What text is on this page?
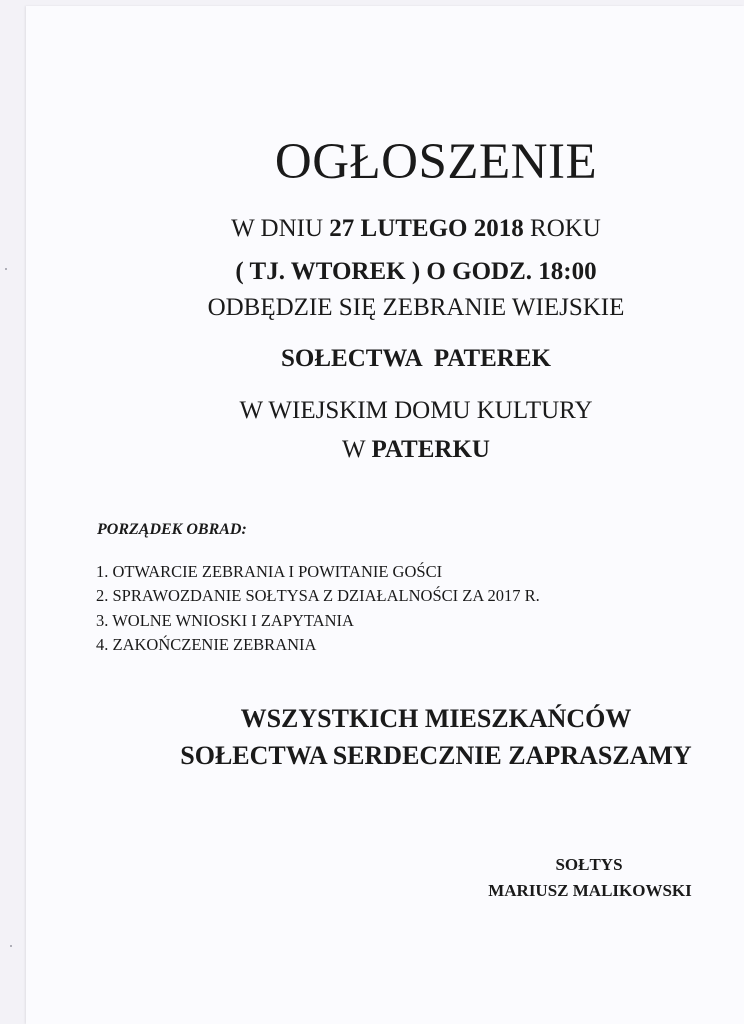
OGŁOSZENIE
W DNIU 27 LUTEGO 2018 ROKU
( TJ. WTOREK ) O GODZ. 18:00
ODBĘDZIE SIĘ ZEBRANIE WIEJSKIE
SOŁECTWA  PATEREK
W WIEJSKIM DOMU KULTURY
W PATERKU
PORZĄDEK OBRAD:
1. OTWARCIE ZEBRANIA I POWITANIE GOŚCI
2. SPRAWOZDANIE SOŁTYSA Z DZIAŁALNOŚCI ZA 2017 R.
3. WOLNE WNIOSKI I ZAPYTANIA
4. ZAKOŃCZENIE ZEBRANIA
WSZYSTKICH MIESZKAŃCÓW
SOŁECTWA SERDECZNIE ZAPRASZAMY
SOŁTYS
MARIUSZ MALIKOWSKI
